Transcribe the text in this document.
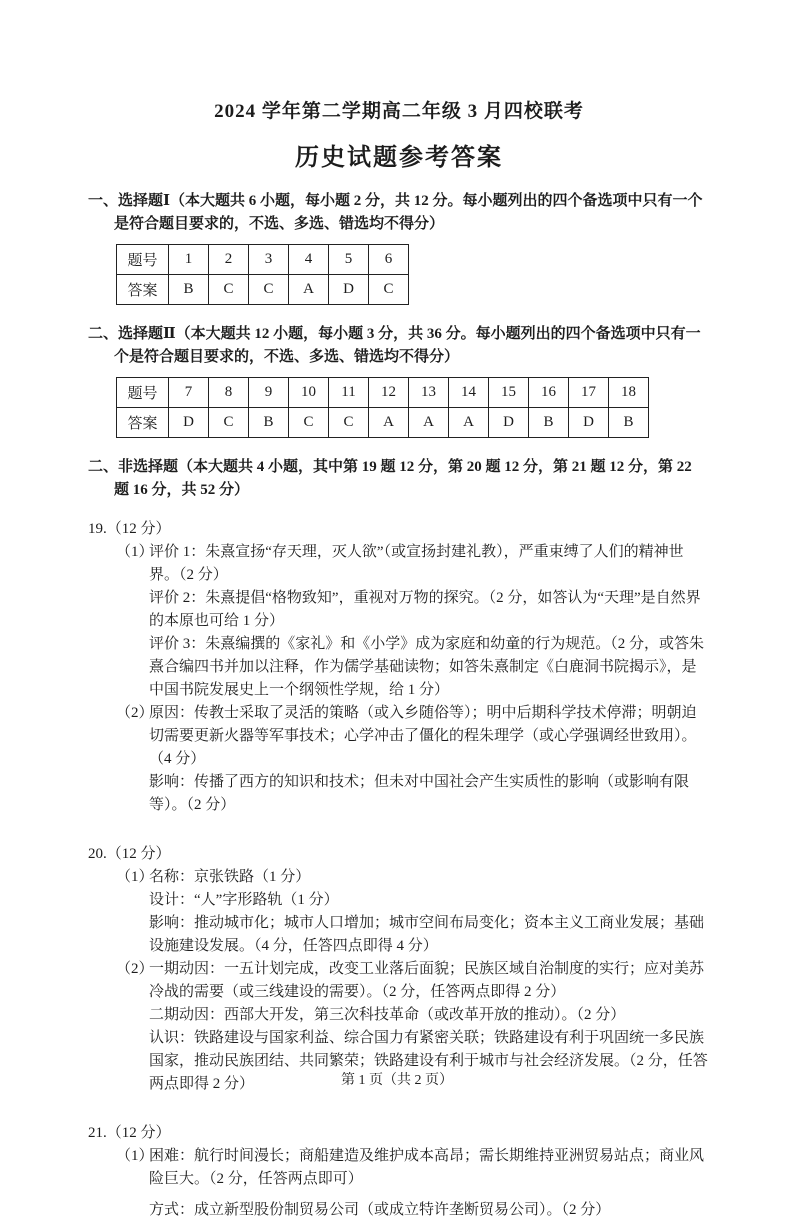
2024 学年第二学期高二年级 3 月四校联考
历史试题参考答案

一、选择题Ⅰ（本大题共 6 小题，每小题 2 分，共 12 分。每小题列出的四个备选项中只有一个是符合题目要求的，不选、多选、错选均不得分）

题号	1	2	3	4	5	6
答案	B	C	C	A	D	C

二、选择题Ⅱ（本大题共 12 小题，每小题 3 分，共 36 分。每小题列出的四个备选项中只有一个是符合题目要求的，不选、多选、错选均不得分）

题号	7	8	9	10	11	12	13	14	15	16	17	18
答案	D	C	B	C	C	A	A	A	D	B	D	B

二、非选择题（本大题共 4 小题，其中第 19 题 12 分，第 20 题 12 分，第 21 题 12 分，第 22 题 16 分，共 52 分）

19.（12 分）

（1）评价 1：朱熹宣扬“存天理，灭人欲”（或宣扬封建礼教），严重束缚了人们的精神世界。（2 分）

评价 2：朱熹提倡“格物致知”，重视对万物的探究。（2 分，如答认为“天理”是自然界的本原也可给 1 分）

评价 3：朱熹编撰的《家礼》和《小学》成为家庭和幼童的行为规范。（2 分，或答朱熹合编四书并加以注释，作为儒学基础读物；如答朱熹制定《白鹿洞书院揭示》，是中国书院发展史上一个纲领性学规，给 1 分）

（2）原因：传教士采取了灵活的策略（或入乡随俗等）；明中后期科学技术停滞；明朝迫切需要更新火器等军事技术；心学冲击了僵化的程朱理学（或心学强调经世致用）。（4 分）

影响：传播了西方的知识和技术；但未对中国社会产生实质性的影响（或影响有限等）。（2 分）

20.（12 分）

（1）名称：京张铁路（1 分）

设计：“人”字形路轨（1 分）

影响：推动城市化；城市人口增加；城市空间布局变化；资本主义工商业发展；基础设施建设发展。（4 分，任答四点即得 4 分）

（2）一期动因：一五计划完成，改变工业落后面貌；民族区域自治制度的实行；应对美苏冷战的需要（或三线建设的需要）。（2 分，任答两点即得 2 分）

二期动因：西部大开发，第三次科技革命（或改革开放的推动）。（2 分）

认识：铁路建设与国家利益、综合国力有紧密关联；铁路建设有利于巩固统一多民族国家，推动民族团结、共同繁荣；铁路建设有利于城市与社会经济发展。（2 分，任答两点即得 2 分）

21.（12 分）

（1）困难：航行时间漫长；商船建造及维护成本高昂；需长期维持亚洲贸易站点；商业风险巨大。（2 分，任答两点即可）

方式：成立新型股份制贸易公司（或成立特许垄断贸易公司）。（2 分）

第 1 页（共 2 页）
